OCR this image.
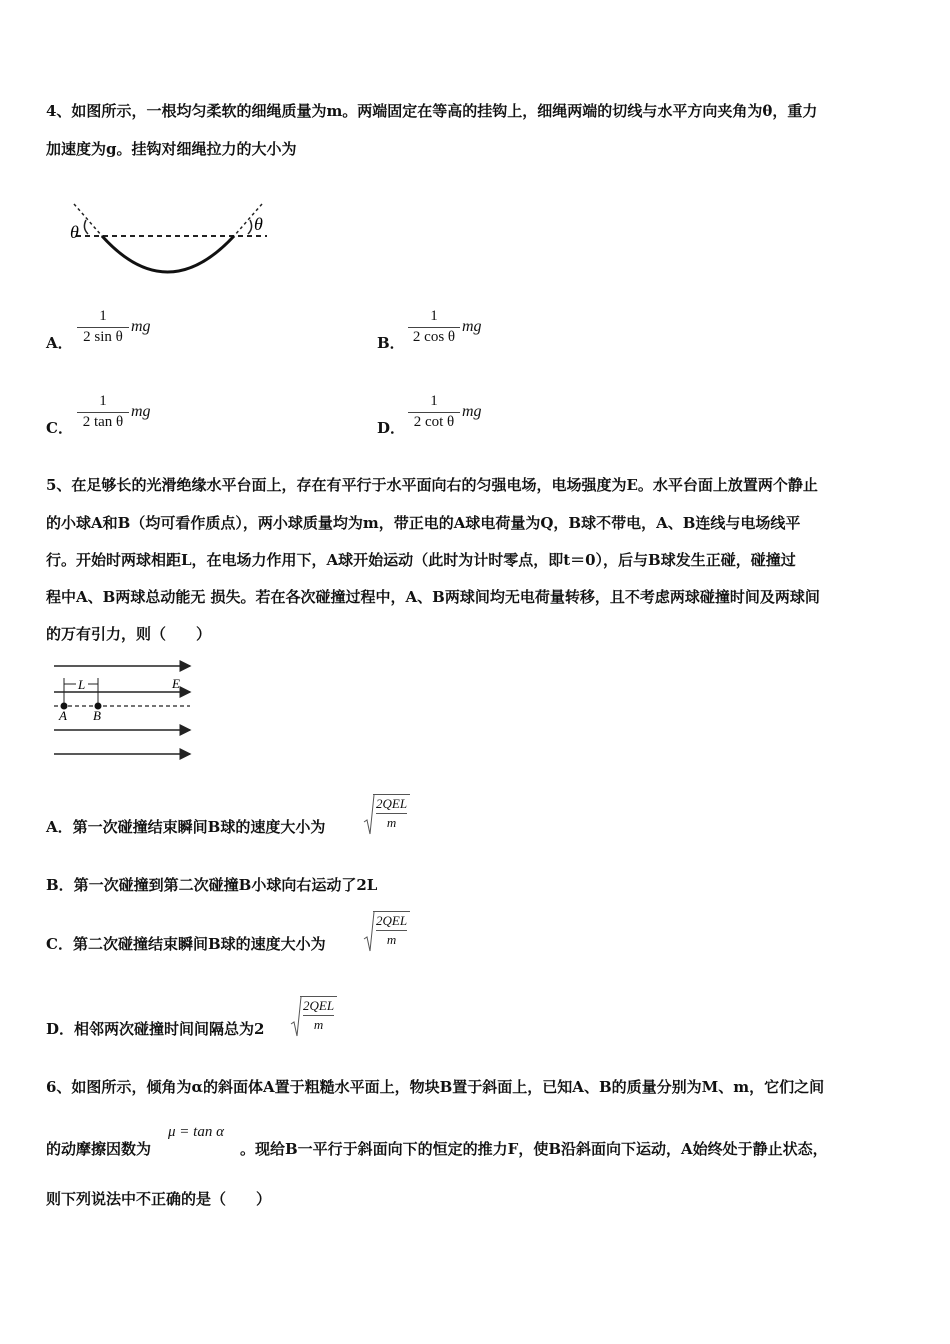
4、如图所示，一根均匀柔软的细绳质量为m。两端固定在等高的挂钩上，细绳两端的切线与水平方向夹角为θ，重力
加速度为g。挂钩对细绳拉力的大小为
θ	θ
A． $\frac{1}{\text{2 sin θ}}$ mg
B． $\frac{1}{\text{2 cos θ}}$ mg
C． $\frac{1}{\text{2 tan θ}}$ mg
D． $\frac{1}{\text{2 cot θ}}$ mg
5、在足够长的光滑绝缘水平台面上，存在有平行于水平面向右的匀强电场，电场强度为E。水平台面上放置两个静止
的小球A和B（均可看作质点），两小球质量均为m，带正电的A球电荷量为Q，B球不带电，A、B连线与电场线平
行。开始时两球相距L，在电场力作用下，A球开始运动（此时为计时零点，即t＝0），后与B球发生正碰，碰撞过
程中A、B两球总动能无 损失。若在各次碰撞过程中，A、B两球间均无电荷量转移，且不考虑两球碰撞时间及两球间
的万有引力，则（　　）
L	E
A B
A．第一次碰撞结束瞬间B球的速度大小为
2QEL
m
B．第一次碰撞到第二次碰撞B小球向右运动了2L
C．第二次碰撞结束瞬间B球的速度大小为
2QEL
m
D．相邻两次碰撞时间间隔总为2
2QEL
m
6、如图所示，倾角为α的斜面体A置于粗糙水平面上，物块B置于斜面上，已知A、B的质量分别为M、m，它们之间
的动摩擦因数为
μ = tan α
。现给B一平行于斜面向下的恒定的推力F，使B沿斜面向下运动，A始终处于静止状态，
则下列说法中不正确的是（　　）
